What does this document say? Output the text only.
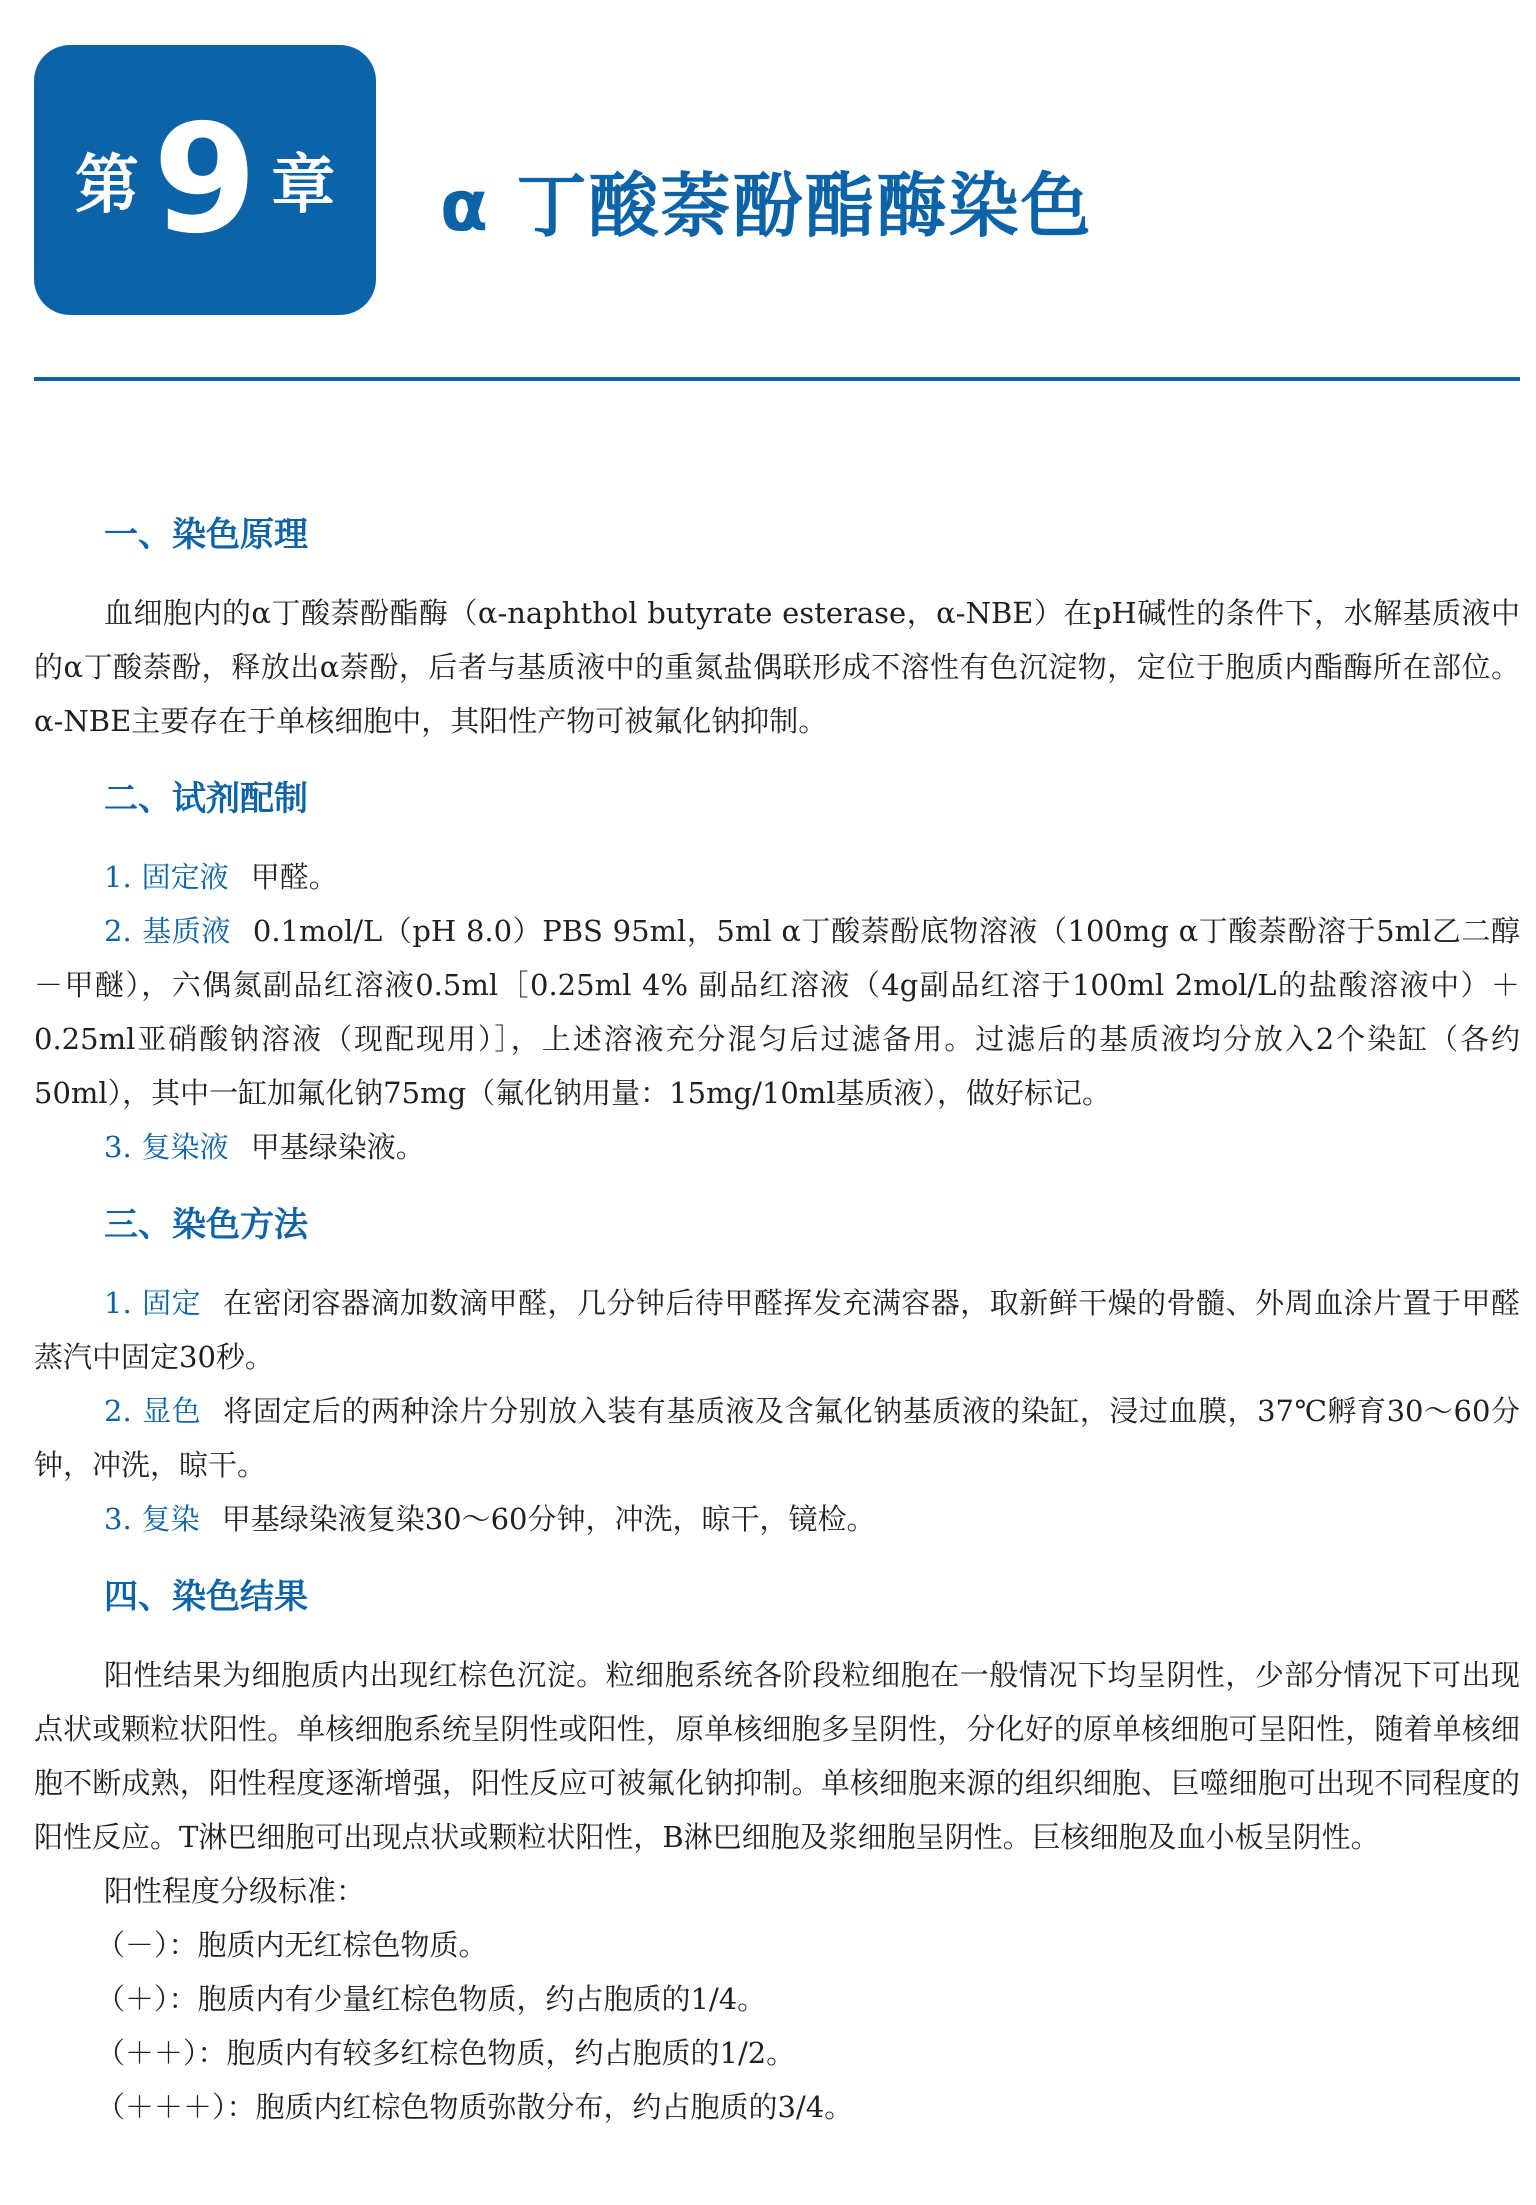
第 9 章 α 丁酸萘酚酯酶染色
一、染色原理

血细胞内的α丁酸萘酚酯酶（α-naphthol butyrate esterase，α-NBE）在pH碱性的条件下，水解基质液中的α丁酸萘酚，释放出α萘酚，后者与基质液中的重氮盐偶联形成不溶性有色沉淀物，定位于胞质内酯酶所在部位。α-NBE主要存在于单核细胞中，其阳性产物可被氟化钠抑制。

二、试剂配制

1. 固定液 甲醛。

2. 基质液 0.1mol/L（pH 8.0）PBS 95ml，5ml α丁酸萘酚底物溶液（100mg α丁酸萘酚溶于5ml乙二醇－甲醚），六偶氮副品红溶液0.5ml［0.25ml 4% 副品红溶液（4g副品红溶于100ml 2mol/L的盐酸溶液中）＋0.25ml亚硝酸钠溶液（现配现用）］，上述溶液充分混匀后过滤备用。过滤后的基质液均分放入2个染缸（各约50ml），其中一缸加氟化钠75mg（氟化钠用量：15mg/10ml基质液），做好标记。

3. 复染液 甲基绿染液。

三、染色方法

1. 固定 在密闭容器滴加数滴甲醛，几分钟后待甲醛挥发充满容器，取新鲜干燥的骨髓、外周血涂片置于甲醛蒸汽中固定30秒。

2. 显色 将固定后的两种涂片分别放入装有基质液及含氟化钠基质液的染缸，浸过血膜，37℃孵育30～60分钟，冲洗，晾干。

3. 复染 甲基绿染液复染30～60分钟，冲洗，晾干，镜检。

四、染色结果

阳性结果为细胞质内出现红棕色沉淀。粒细胞系统各阶段粒细胞在一般情况下均呈阴性，少部分情况下可出现点状或颗粒状阳性。单核细胞系统呈阴性或阳性，原单核细胞多呈阴性，分化好的原单核细胞可呈阳性，随着单核细胞不断成熟，阳性程度逐渐增强，阳性反应可被氟化钠抑制。单核细胞来源的组织细胞、巨噬细胞可出现不同程度的阳性反应。T淋巴细胞可出现点状或颗粒状阳性，B淋巴细胞及浆细胞呈阴性。巨核细胞及血小板呈阴性。

阳性程度分级标准：

（－）：胞质内无红棕色物质。

（＋）：胞质内有少量红棕色物质，约占胞质的1/4。

（＋＋）：胞质内有较多红棕色物质，约占胞质的1/2。

（＋＋＋）：胞质内红棕色物质弥散分布，约占胞质的3/4。
